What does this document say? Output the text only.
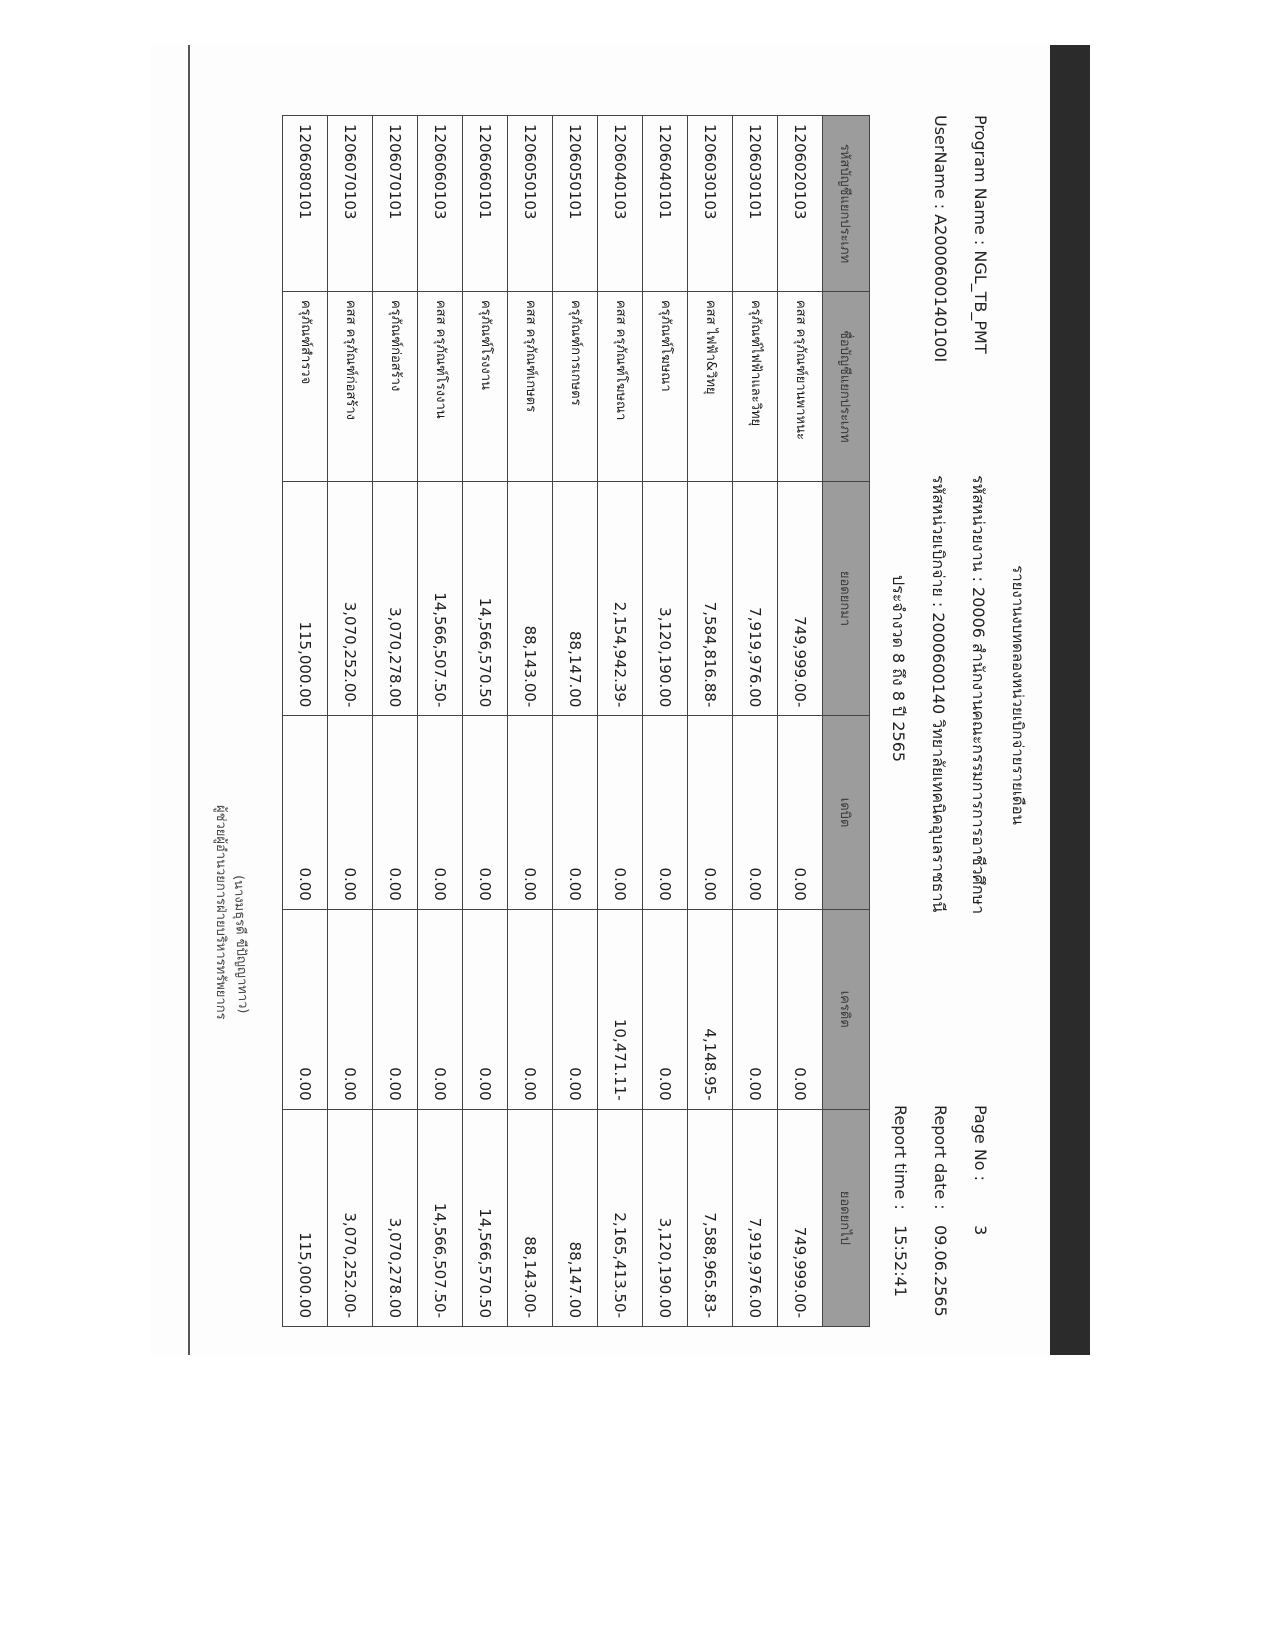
รายงานงบทดลองหน่วยเบิกจ่ายรายเดือน
Program Name : NGL_TB_PMT
UserName : A2000600140100I
รหัสหน่วยงาน : 20006 สำนักงานคณะกรรมการการอาชีวศึกษา
รหัสหน่วยเบิกจ่าย : 2000600140 วิทยาลัยเทคนิคอุบลราชธานี
ประจำงวด 8 ถึง 8 ปี 2565
Page No : 3
Report date : 09.06.2565
Report time : 15:52:41
รหัสบัญชีแยกประเภท	ชื่อบัญชีแยกประเภท	ยอดยกมา	เดบิต	เครดิต	ยอดยกไป
1206020103	คสส ครุภัณฑ์ยานพาหนะ	749,999.00-	0.00	0.00	749,999.00-
1206030101	ครุภัณฑ์ไฟฟ้าและวิทยุ	7,919,976.00	0.00	0.00	7,919,976.00
1206030103	คสส ไฟฟ้า&วิทยุ	7,584,816.88-	0.00	4,148.95-	7,588,965.83-
1206040101	ครุภัณฑ์โฆษณา	3,120,190.00	0.00	0.00	3,120,190.00
1206040103	คสส ครุภัณฑ์โฆษณา	2,154,942.39-	0.00	10,471.11-	2,165,413.50-
1206050101	ครุภัณฑ์การเกษตร	88,147.00	0.00	0.00	88,147.00
1206050103	คสส ครุภัณฑ์เกษตร	88,143.00-	0.00	0.00	88,143.00-
1206060101	ครุภัณฑ์โรงงาน	14,566,570.50	0.00	0.00	14,566,570.50
1206060103	คสส ครุภัณฑ์โรงงาน	14,566,507.50-	0.00	0.00	14,566,507.50-
1206070101	ครุภัณฑ์ก่อสร้าง	3,070,278.00	0.00	0.00	3,070,278.00
1206070103	คสส ครุภัณฑ์ก่อสร้าง	3,070,252.00-	0.00	0.00	3,070,252.00-
1206080101	ครุภัณฑ์สำรวจ	115,000.00	0.00	0.00	115,000.00
(นางมธุรดี ขีปัญญาทาว)
ผู้ช่วยผู้อำนวยการฝ่ายบริหารทรัพยากร
